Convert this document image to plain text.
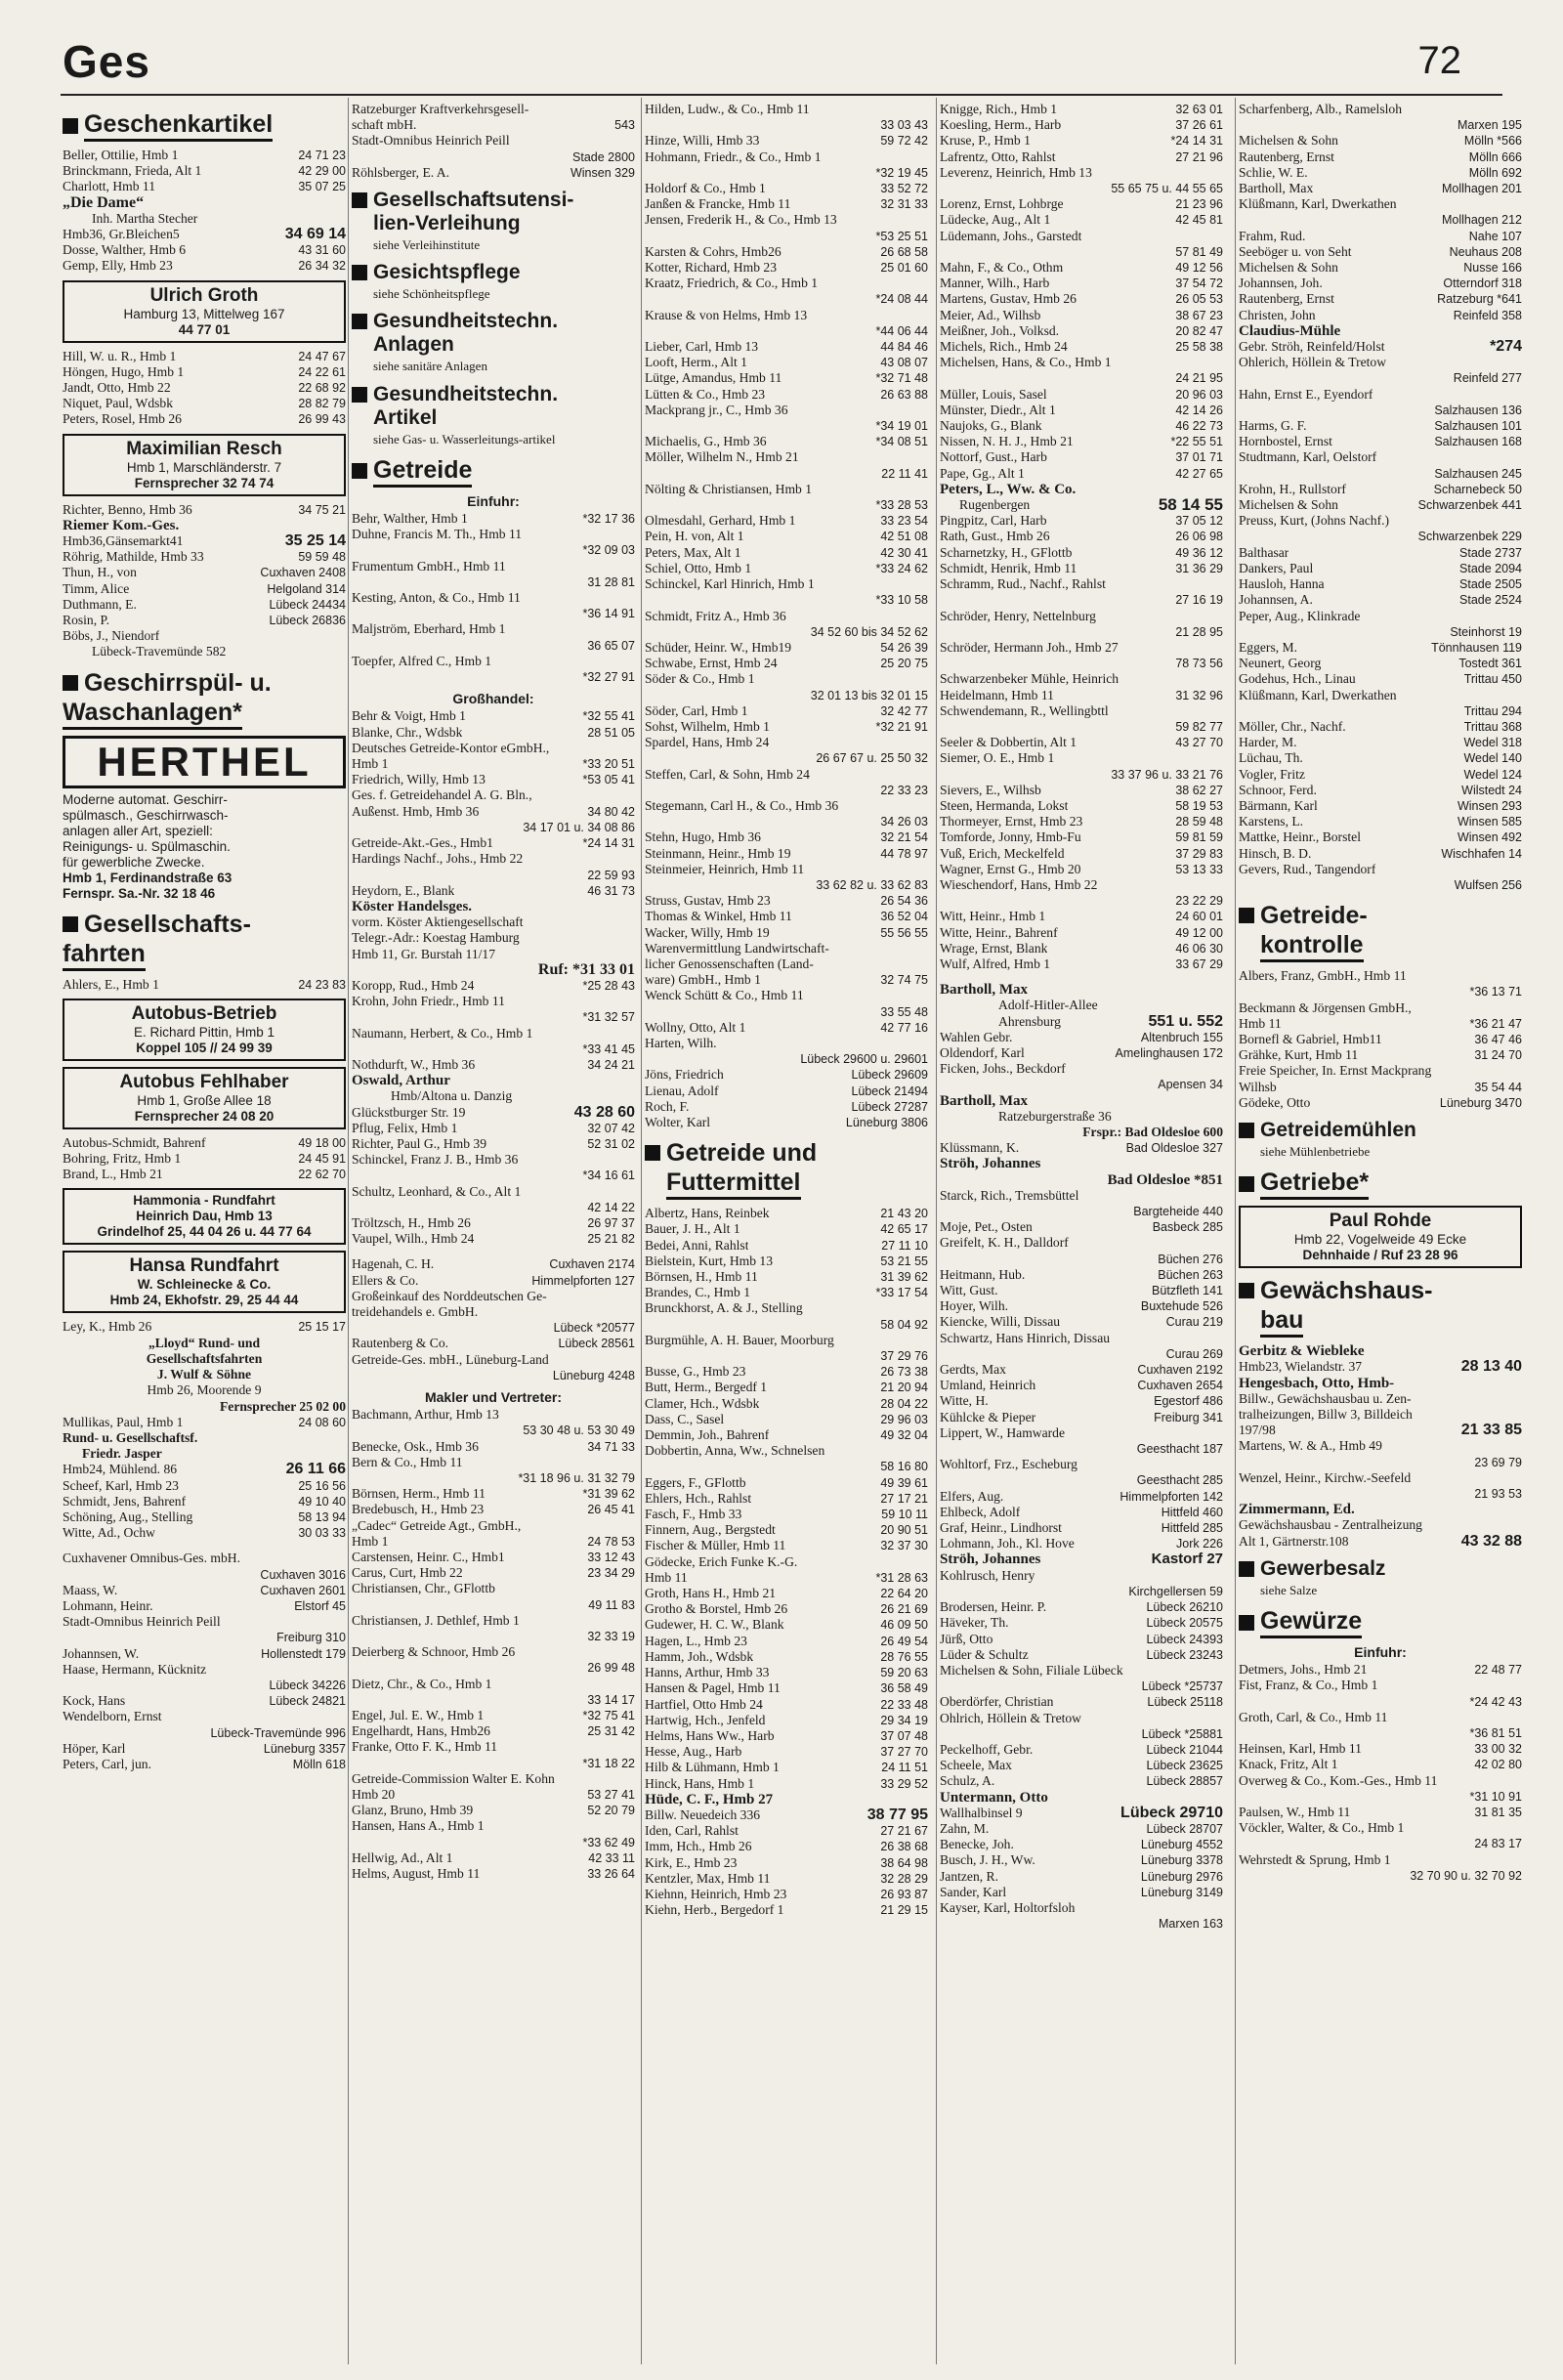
Ges	72
Geschenkartikel
Beller, Ottilie, Hmb 1	24 71 23
Brinckmann, Frieda, Alt 1	42 29 00
Charlott, Hmb 11	35 07 25
„Die Dame“
Inh. Martha Stecher
Hmb36, Gr.Bleichen5	34 69 14
Dosse, Walther, Hmb 6	43 31 60
Gemp, Elly, Hmb 23	26 34 32
Ulrich Groth
Hamburg 13, Mittelweg 167
44 77 01
Hill, W. u. R., Hmb 1	24 47 67
Höngen, Hugo, Hmb 1	24 22 61
Jandt, Otto, Hmb 22	22 68 92
Niquet, Paul, Wdsbk	28 82 79
Peters, Rosel, Hmb 26	26 99 43
Maximilian Resch
Hmb 1, Marschländerstr. 7
Fernsprecher 32 74 74
Richter, Benno, Hmb 36	34 75 21
Riemer Kom.-Ges.
Hmb36,Gänsemarkt41	35 25 14
Röhrig, Mathilde, Hmb 33	59 59 48
Thun, H., von	Cuxhaven 2408
Timm, Alice	Helgoland 314
Duthmann, E.	Lübeck 24434
Rosin, P.	Lübeck 26836
Böbs, J., Niendorf
Lübeck-Travemünde 582
Geschirrspül- u.
Waschanlagen*
HERTHEL
Moderne automat. Geschirr-
spülmasch., Geschirrwasch-
anlagen aller Art, speziell:
Reinigungs- u. Spülmaschin.
für gewerbliche Zwecke.
Hmb 1, Ferdinandstraße 63
Fernspr. Sa.-Nr. 32 18 46
Gesellschafts-
fahrten
Ahlers, E., Hmb 1	24 23 83
Autobus-Betrieb
E. Richard Pittin, Hmb 1
Koppel 105 // 24 99 39
Autobus Fehlhaber
Hmb 1, Große Allee 18
Fernsprecher 24 08 20
Autobus-Schmidt, Bahrenf	49 18 00
Bohring, Fritz, Hmb 1	24 45 91
Brand, L., Hmb 21	22 62 70
Hammonia - Rundfahrt
Heinrich Dau, Hmb 13
Grindelhof 25, 44 04 26 u. 44 77 64
Hansa Rundfahrt
W. Schleinecke & Co.
Hmb 24, Ekhofstr. 29, 25 44 44
Ley, K., Hmb 26	25 15 17
„Lloyd“ Rund- und
Gesellschaftsfahrten
J. Wulf & Söhne
Hmb 26, Moorende 9
Fernsprecher 25 02 00
Mullikas, Paul, Hmb 1	24 08 60
Rund- u. Gesellschaftsf.
Friedr. Jasper
Hmb24, Mühlend. 86	26 11 66
Scheef, Karl, Hmb 23	25 16 56
Schmidt, Jens, Bahrenf	49 10 40
Schöning, Aug., Stelling	58 13 94
Witte, Ad., Ochw	30 03 33
Cuxhavener Omnibus-Ges. mbH.
Cuxhaven 3016
Maass, W.	Cuxhaven 2601
Lohmann, Heinr.	Elstorf 45
Stadt-Omnibus Heinrich Peill
Freiburg 310
Johannsen, W.	Hollenstedt 179
Haase, Hermann, Kücknitz
Lübeck 34226
Kock, Hans	Lübeck 24821
Wendelborn, Ernst
Lübeck-Travemünde 996
Höper, Karl	Lüneburg 3357
Peters, Carl, jun.	Mölln 618
Ratzeburger Kraftverkehrsgesell-
schaft mbH.	543
Stadt-Omnibus Heinrich Peill
Stade 2800
Röhlsberger, E. A.	Winsen 329
Gesellschaftsutensi-
lien-Verleihung
siehe Verleihinstitute
Gesichtspflege
siehe Schönheitspflege
Gesundheitstechn.
Anlagen
siehe sanitäre Anlagen
Gesundheitstechn.
Artikel
siehe Gas- u. Wasserleitungs-artikel
Getreide
Einfuhr:
Behr, Walther, Hmb 1	*32 17 36
Duhne, Francis M. Th., Hmb 11
*32 09 03
Frumentum GmbH., Hmb 11
31 28 81
Kesting, Anton, & Co., Hmb 11
*36 14 91
Maljström, Eberhard, Hmb 1
36 65 07
Toepfer, Alfred C., Hmb 1
*32 27 91
Großhandel:
Behr & Voigt, Hmb 1	*32 55 41
Blanke, Chr., Wdsbk	28 51 05
Deutsches Getreide-Kontor eGmbH.,
Hmb 1	*33 20 51
Friedrich, Willy, Hmb 13	*53 05 41
Ges. f. Getreidehandel A. G. Bln.,
Außenst. Hmb, Hmb 36	34 80 42
34 17 01 u. 34 08 86
Getreide-Akt.-Ges., Hmb1	*24 14 31
Hardings Nachf., Johs., Hmb 22
22 59 93
Heydorn, E., Blank	46 31 73
Köster Handelsges.
vorm. Köster Aktiengesellschaft
Telegr.-Adr.: Koestag Hamburg
Hmb 11, Gr. Burstah 11/17
Ruf: *31 33 01
Koropp, Rud., Hmb 24	*25 28 43
Krohn, John Friedr., Hmb 11
*31 32 57
Naumann, Herbert, & Co., Hmb 1
*33 41 45
Nothdurft, W., Hmb 36	34 24 21
Oswald, Arthur
Hmb/Altona u. Danzig
Glückstburger Str. 19	43 28 60
Pflug, Felix, Hmb 1	32 07 42
Richter, Paul G., Hmb 39	52 31 02
Schinckel, Franz J. B., Hmb 36
*34 16 61
Schultz, Leonhard, & Co., Alt 1
42 14 22
Tröltzsch, H., Hmb 26	26 97 37
Vaupel, Wilh., Hmb 24	25 21 82
Hagenah, C. H.	Cuxhaven 2174
Ellers & Co.	Himmelpforten 127
Großeinkauf des Norddeutschen Ge-
treidehandels e. GmbH.
Lübeck *20577
Rautenberg & Co.	Lübeck 28561
Getreide-Ges. mbH., Lüneburg-Land
Lüneburg 4248
Makler und Vertreter:
Bachmann, Arthur, Hmb 13
53 30 48 u. 53 30 49
Benecke, Osk., Hmb 36	34 71 33
Bern & Co., Hmb 11
*31 18 96 u. 31 32 79
Börnsen, Herm., Hmb 11	*31 39 62
Bredebusch, H., Hmb 23	26 45 41
„Cadec“ Getreide Agt., GmbH.,
Hmb 1	24 78 53
Carstensen, Heinr. C., Hmb1	33 12 43
Carus, Curt, Hmb 22	23 34 29
Christiansen, Chr., GFlottb
49 11 83
Christiansen, J. Dethlef, Hmb 1
32 33 19
Deierberg & Schnoor, Hmb 26
26 99 48
Dietz, Chr., & Co., Hmb 1
33 14 17
Engel, Jul. E. W., Hmb 1	*32 75 41
Engelhardt, Hans, Hmb26	25 31 42
Franke, Otto F. K., Hmb 11
*31 18 22
Getreide-Commission Walter E. Kohn
Hmb 20	53 27 41
Glanz, Bruno, Hmb 39	52 20 79
Hansen, Hans A., Hmb 1
*33 62 49
Hellwig, Ad., Alt 1	42 33 11
Helms, August, Hmb 11	33 26 64
Hilden, Ludw., & Co., Hmb 11
33 03 43
Hinze, Willi, Hmb 33	59 72 42
Hohmann, Friedr., & Co., Hmb 1
*32 19 45
Holdorf & Co., Hmb 1	33 52 72
Janßen & Francke, Hmb 11	32 31 33
Jensen, Frederik H., & Co., Hmb 13
*53 25 51
Karsten & Cohrs, Hmb26	26 68 58
Kotter, Richard, Hmb 23	25 01 60
Kraatz, Friedrich, & Co., Hmb 1
*24 08 44
Krause & von Helms, Hmb 13
*44 06 44
Lieber, Carl, Hmb 13	44 84 46
Looft, Herm., Alt 1	43 08 07
Lütge, Amandus, Hmb 11	*32 71 48
Lütten & Co., Hmb 23	26 63 88
Mackprang jr., C., Hmb 36
*34 19 01
Michaelis, G., Hmb 36	*34 08 51
Möller, Wilhelm N., Hmb 21
22 11 41
Nölting & Christiansen, Hmb 1
*33 28 53
Olmesdahl, Gerhard, Hmb 1	33 23 54
Pein, H. von, Alt 1	42 51 08
Peters, Max, Alt 1	42 30 41
Schiel, Otto, Hmb 1	*33 24 62
Schinckel, Karl Hinrich, Hmb 1
*33 10 58
Schmidt, Fritz A., Hmb 36
34 52 60 bis 34 52 62
Schüder, Heinr. W., Hmb19	54 26 39
Schwabe, Ernst, Hmb 24	25 20 75
Söder & Co., Hmb 1
32 01 13 bis 32 01 15
Söder, Carl, Hmb 1	32 42 77
Sohst, Wilhelm, Hmb 1	*32 21 91
Spardel, Hans, Hmb 24
26 67 67 u. 25 50 32
Steffen, Carl, & Sohn, Hmb 24
22 33 23
Stegemann, Carl H., & Co., Hmb 36
34 26 03
Stehn, Hugo, Hmb 36	32 21 54
Steinmann, Heinr., Hmb 19	44 78 97
Steinmeier, Heinrich, Hmb 11
33 62 82 u. 33 62 83
Struss, Gustav, Hmb 23	26 54 36
Thomas & Winkel, Hmb 11	36 52 04
Wacker, Willy, Hmb 19	55 56 55
Warenvermittlung Landwirtschaft-
licher Genossenschaften (Land-
ware) GmbH., Hmb 1	32 74 75
Wenck Schütt & Co., Hmb 11
33 55 48
Wollny, Otto, Alt 1	42 77 16
Harten, Wilh.
Lübeck 29600 u. 29601
Jöns, Friedrich	Lübeck 29609
Lienau, Adolf	Lübeck 21494
Roch, F.	Lübeck 27287
Wolter, Karl	Lüneburg 3806
Getreide und
Futtermittel
Albertz, Hans, Reinbek	21 43 20
Bauer, J. H., Alt 1	42 65 17
Bedei, Anni, Rahlst	27 11 10
Bielstein, Kurt, Hmb 13	53 21 55
Börnsen, H., Hmb 11	31 39 62
Brandes, C., Hmb 1	*33 17 54
Brunckhorst, A. & J., Stelling
58 04 92
Burgmühle, A. H. Bauer, Moorburg
37 29 76
Busse, G., Hmb 23	26 73 38
Butt, Herm., Bergedf 1	21 20 94
Clamer, Hch., Wdsbk	28 04 22
Dass, C., Sasel	29 96 03
Demmin, Joh., Bahrenf	49 32 04
Dobbertin, Anna, Ww., Schnelsen
58 16 80
Eggers, F., GFlottb	49 39 61
Ehlers, Hch., Rahlst	27 17 21
Fasch, F., Hmb 33	59 10 11
Finnern, Aug., Bergstedt	20 90 51
Fischer & Müller, Hmb 11	32 37 30
Gödecke, Erich Funke K.-G.
Hmb 11	*31 28 63
Groth, Hans H., Hmb 21	22 64 20
Grotho & Borstel, Hmb 26	26 21 69
Gudewer, H. C. W., Blank	46 09 50
Hagen, L., Hmb 23	26 49 54
Hamm, Joh., Wdsbk	28 76 55
Hanns, Arthur, Hmb 33	59 20 63
Hansen & Pagel, Hmb 11	36 58 49
Hartfiel, Otto Hmb 24	22 33 48
Hartwig, Hch., Jenfeld	29 34 19
Helms, Hans Ww., Harb	37 07 48
Hesse, Aug., Harb	37 27 70
Hilb & Lühmann, Hmb 1	24 11 51
Hinck, Hans, Hmb 1	33 29 52
Hüde, C. F., Hmb 27
Billw. Neuedeich 336	38 77 95
Iden, Carl, Rahlst	27 21 67
Imm, Hch., Hmb 26	26 38 68
Kirk, E., Hmb 23	38 64 98
Kentzler, Max, Hmb 11	32 28 29
Kiehnn, Heinrich, Hmb 23	26 93 87
Kiehn, Herb., Bergedorf 1	21 29 15
Knigge, Rich., Hmb 1	32 63 01
Koesling, Herm., Harb	37 26 61
Kruse, P., Hmb 1	*24 14 31
Lafrentz, Otto, Rahlst	27 21 96
Leverenz, Heinrich, Hmb 13
55 65 75 u. 44 55 65
Lorenz, Ernst, Lohbrge	21 23 96
Lüdecke, Aug., Alt 1	42 45 81
Lüdemann, Johs., Garstedt
57 81 49
Mahn, F., & Co., Othm	49 12 56
Manner, Wilh., Harb	37 54 72
Martens, Gustav, Hmb 26	26 05 53
Meier, Ad., Wilhsb	38 67 23
Meißner, Joh., Volksd.	20 82 47
Michels, Rich., Hmb 24	25 58 38
Michelsen, Hans, & Co., Hmb 1
24 21 95
Müller, Louis, Sasel	20 96 03
Münster, Diedr., Alt 1	42 14 26
Naujoks, G., Blank	46 22 73
Nissen, N. H. J., Hmb 21	*22 55 51
Nottorf, Gust., Harb	37 01 71
Pape, Gg., Alt 1	42 27 65
Peters, L., Ww. & Co.
Rugenbergen	58 14 55
Pingpitz, Carl, Harb	37 05 12
Rath, Gust., Hmb 26	26 06 98
Scharnetzky, H., GFlottb	49 36 12
Schmidt, Henrik, Hmb 11	31 36 29
Schramm, Rud., Nachf., Rahlst
27 16 19
Schröder, Henry, Nettelnburg
21 28 95
Schröder, Hermann Joh., Hmb 27
78 73 56
Schwarzenbeker Mühle, Heinrich
Heidelmann, Hmb 11	31 32 96
Schwendemann, R., Wellingbttl
59 82 77
Seeler & Dobbertin, Alt 1	43 27 70
Siemer, O. E., Hmb 1
33 37 96 u. 33 21 76
Sievers, E., Wilhsb	38 62 27
Steen, Hermanda, Lokst	58 19 53
Thormeyer, Ernst, Hmb 23	28 59 48
Tomforde, Jonny, Hmb-Fu	59 81 59
Vuß, Erich, Meckelfeld	37 29 83
Wagner, Ernst G., Hmb 20	53 13 33
Wieschendorf, Hans, Hmb 22
23 22 29
Witt, Heinr., Hmb 1	24 60 01
Witte, Heinr., Bahrenf	49 12 00
Wrage, Ernst, Blank	46 06 30
Wulf, Alfred, Hmb 1	33 67 29
Bartholl, Max
Adolf-Hitler-Allee
Ahrensburg	551 u. 552
Wahlen Gebr.	Altenbruch 155
Oldendorf, Karl	Amelinghausen 172
Ficken, Johs., Beckdorf
Apensen 34
Bartholl, Max
Ratzeburgerstraße 36
Frspr.: Bad Oldesloe 600
Klüssmann, K.	Bad Oldesloe 327
Ströh, Johannes
Bad Oldesloe *851
Starck, Rich., Tremsbüttel
Bargteheide 440
Moje, Pet., Osten	Basbeck 285
Greifelt, K. H., Dalldorf
Büchen 276
Heitmann, Hub.	Büchen 263
Witt, Gust.	Bützfleth 141
Hoyer, Wilh.	Buxtehude 526
Kiencke, Willi, Dissau	Curau 219
Schwartz, Hans Hinrich, Dissau
Curau 269
Gerdts, Max	Cuxhaven 2192
Umland, Heinrich	Cuxhaven 2654
Witte, H.	Egestorf 486
Kühlcke & Pieper	Freiburg 341
Lippert, W., Hamwarde
Geesthacht 187
Wohltorf, Frz., Escheburg
Geesthacht 285
Elfers, Aug.	Himmelpforten 142
Ehlbeck, Adolf	Hittfeld 460
Graf, Heinr., Lindhorst	Hittfeld 285
Lohmann, Joh., Kl. Hove	Jork 226
Ströh, Johannes	Kastorf 27
Kohlrusch, Henry
Kirchgellersen 59
Brodersen, Heinr. P.	Lübeck 26210
Häveker, Th.	Lübeck 20575
Jürß, Otto	Lübeck 24393
Lüder & Schultz	Lübeck 23243
Michelsen & Sohn, Filiale Lübeck
Lübeck *25737
Oberdörfer, Christian	Lübeck 25118
Ohlrich, Höllein & Tretow
Lübeck *25881
Peckelhoff, Gebr.	Lübeck 21044
Scheele, Max	Lübeck 23625
Schulz, A.	Lübeck 28857
Untermann, Otto
Wallhalbinsel 9	Lübeck 29710
Zahn, M.	Lübeck 28707
Benecke, Joh.	Lüneburg 4552
Busch, J. H., Ww.	Lüneburg 3378
Jantzen, R.	Lüneburg 2976
Sander, Karl	Lüneburg 3149
Kayser, Karl, Holtorfsloh
Marxen 163
Scharfenberg, Alb., Ramelsloh
Marxen 195
Michelsen & Sohn	Mölln *566
Rautenberg, Ernst	Mölln 666
Schlie, W. E.	Mölln 692
Bartholl, Max	Mollhagen 201
Klüßmann, Karl, Dwerkathen
Mollhagen 212
Frahm, Rud.	Nahe 107
Seeböger u. von Seht	Neuhaus 208
Michelsen & Sohn	Nusse 166
Johannsen, Joh.	Otterndorf 318
Rautenberg, Ernst	Ratzeburg *641
Christen, John	Reinfeld 358
Claudius-Mühle
Gebr. Ströh, Reinfeld/Holst	*274
Ohlerich, Höllein & Tretow
Reinfeld 277
Hahn, Ernst E., Eyendorf
Salzhausen 136
Harms, G. F.	Salzhausen 101
Hornbostel, Ernst	Salzhausen 168
Studtmann, Karl, Oelstorf
Salzhausen 245
Krohn, H., Rullstorf	Scharnebeck 50
Michelsen & Sohn	Schwarzenbek 441
Preuss, Kurt, (Johns Nachf.)
Schwarzenbek 229
Balthasar	Stade 2737
Dankers, Paul	Stade 2094
Hausloh, Hanna	Stade 2505
Johannsen, A.	Stade 2524
Peper, Aug., Klinkrade
Steinhorst 19
Eggers, M.	Tönnhausen 119
Neunert, Georg	Tostedt 361
Godehus, Hch., Linau	Trittau 450
Klüßmann, Karl, Dwerkathen
Trittau 294
Möller, Chr., Nachf.	Trittau 368
Harder, M.	Wedel 318
Lüchau, Th.	Wedel 140
Vogler, Fritz	Wedel 124
Schnoor, Ferd.	Wilstedt 24
Bärmann, Karl	Winsen 293
Karstens, L.	Winsen 585
Mattke, Heinr., Borstel	Winsen 492
Hinsch, B. D.	Wischhafen 14
Gevers, Rud., Tangendorf
Wulfsen 256
Getreide-
kontrolle
Albers, Franz, GmbH., Hmb 11
*36 13 71
Beckmann & Jörgensen GmbH.,
Hmb 11	*36 21 47
Bornefl & Gabriel, Hmb11	36 47 46
Grähke, Kurt, Hmb 11	31 24 70
Freie Speicher, In. Ernst Mackprang
Wilhsb	35 54 44
Gödeke, Otto	Lüneburg 3470
Getreidemühlen
siehe Mühlenbetriebe
Getriebe*
Paul Rohde
Hmb 22, Vogelweide 49 Ecke
Dehnhaide / Ruf 23 28 96
Gewächshaus-
bau
Gerbitz & Wiebleke
Hmb23, Wielandstr. 37	28 13 40
Hengesbach, Otto, Hmb-
Billw., Gewächshausbau u. Zen-
tralheizungen, Billw 3, Billdeich
197/98	21 33 85
Martens, W. & A., Hmb 49
23 69 79
Wenzel, Heinr., Kirchw.-Seefeld
21 93 53
Zimmermann, Ed.
Gewächshausbau - Zentralheizung
Alt 1, Gärtnerstr.108	43 32 88
Gewerbesalz
siehe Salze
Gewürze
Einfuhr:
Detmers, Johs., Hmb 21	22 48 77
Fist, Franz, & Co., Hmb 1
*24 42 43
Groth, Carl, & Co., Hmb 11
*36 81 51
Heinsen, Karl, Hmb 11	33 00 32
Knack, Fritz, Alt 1	42 02 80
Overweg & Co., Kom.-Ges., Hmb 11
*31 10 91
Paulsen, W., Hmb 11	31 81 35
Vöckler, Walter, & Co., Hmb 1
24 83 17
Wehrstedt & Sprung, Hmb 1
32 70 90 u. 32 70 92
